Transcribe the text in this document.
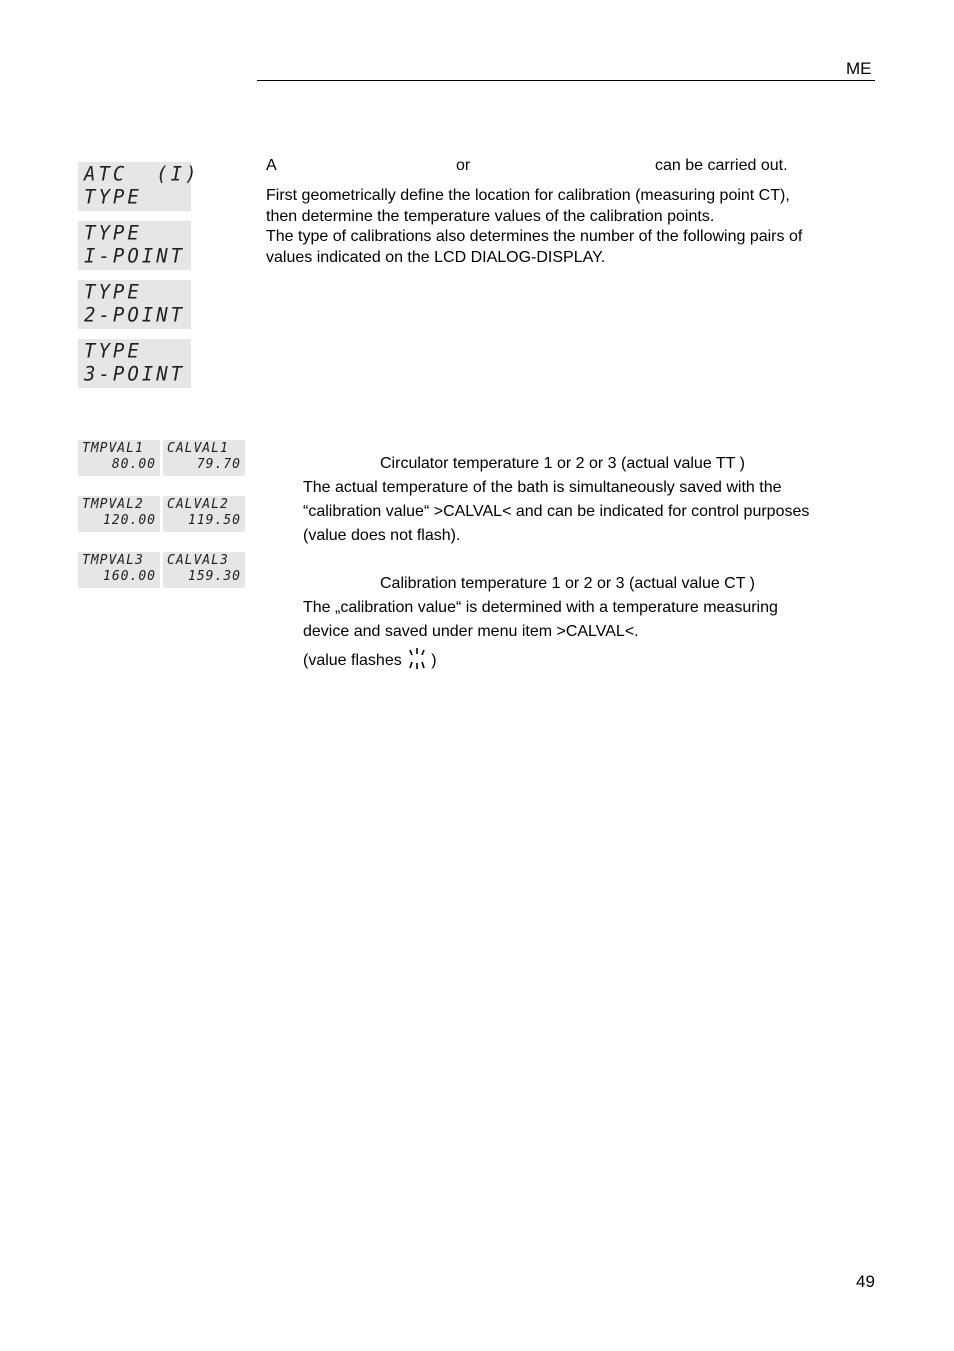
ME
ATC  (I)
TYPE
TYPE
I-POINT
TYPE
2-POINT
TYPE
3-POINT
TMPVAL1
80.00
CALVAL1
79.70
TMPVAL2
120.00
CALVAL2
119.50
TMPVAL3
160.00
CALVAL3
159.30
A	or	can be carried out.
First geometrically define the location for calibration (measuring point CT),
then determine the temperature values of the calibration points.
The type of calibrations also determines the number of the following pairs of
values indicated on the LCD DIALOG-DISPLAY.
Circulator temperature 1 or 2 or 3 (actual value TT )
The actual temperature of the bath is simultaneously saved with the
“calibration value“ >CALVAL< and can be indicated for control purposes
(value does not flash).
Calibration temperature 1 or 2 or 3 (actual value CT )
The „calibration value“ is determined with a temperature measuring
device and saved under menu item >CALVAL<.
(value flashes )
49
